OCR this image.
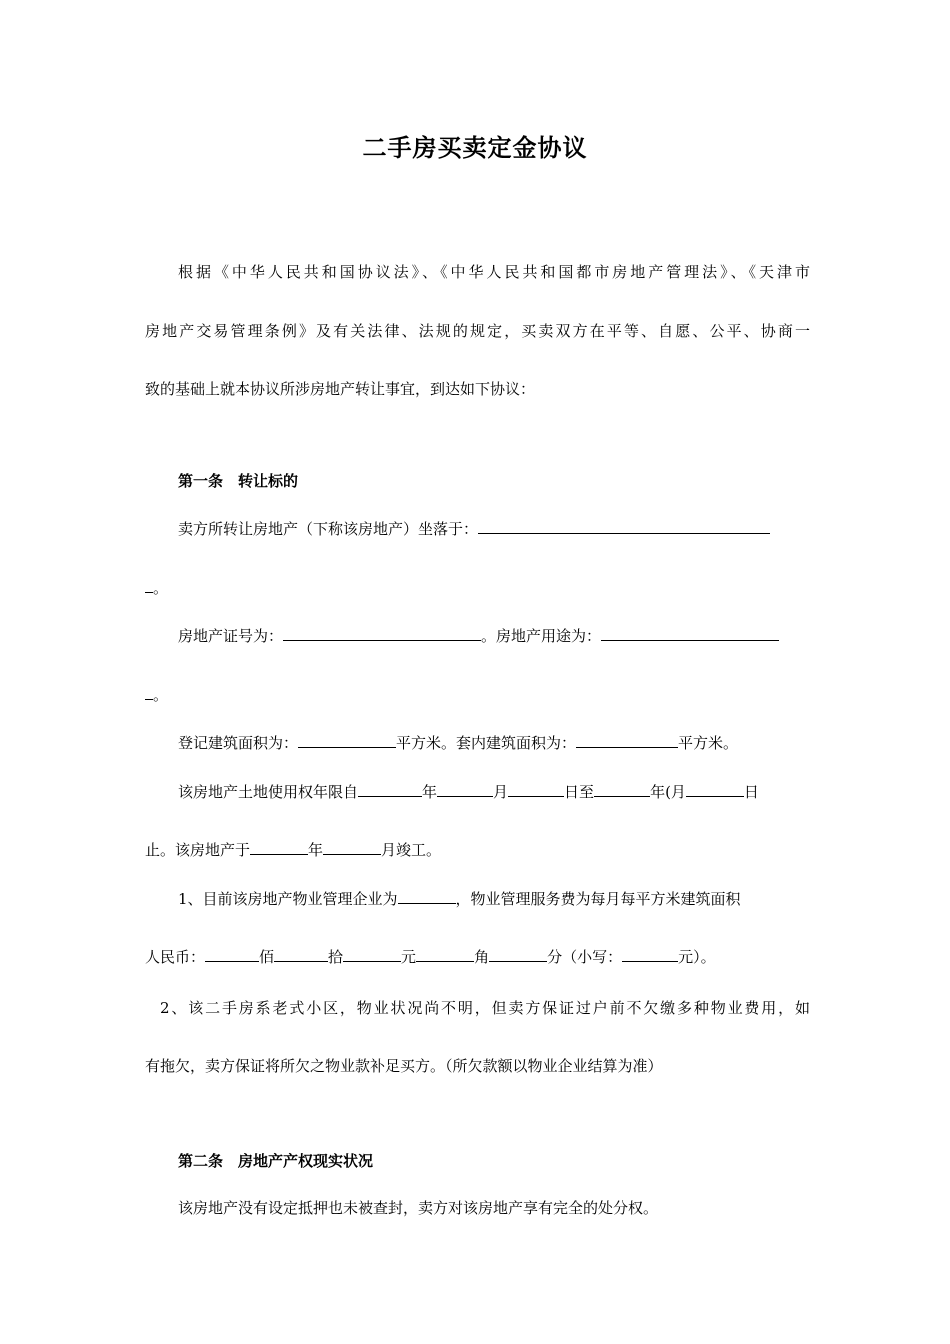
二手房买卖定金协议
根据《中华人民共和国协议法》、《中华人民共和国都市房地产管理法》、《天津市
房地产交易管理条例》及有关法律、法规的规定，买卖双方在平等、自愿、公平、协商一
致的基础上就本协议所涉房地产转让事宜，到达如下协议：
第一条　转让标的
卖方所转让房地产（下称该房地产）坐落于：
。
房地产证号为：	。房地产用途为：
。
登记建筑面积为：	平方米。套内建筑面积为：	平方米。
该房地产土地使用权年限自	年	月	日至	年(月	日
止。该房地产于	年	月竣工。
1、目前该房地产物业管理企业为	，物业管理服务费为每月每平方米建筑面积
人民币：	佰	拾	元	角	分（小写：	元）。
2、该二手房系老式小区，物业状况尚不明，但卖方保证过户前不欠缴多种物业费用，如
有拖欠，卖方保证将所欠之物业款补足买方。（所欠款额以物业企业结算为准）
第二条　房地产产权现实状况
该房地产没有设定抵押也未被查封，卖方对该房地产享有完全的处分权。
